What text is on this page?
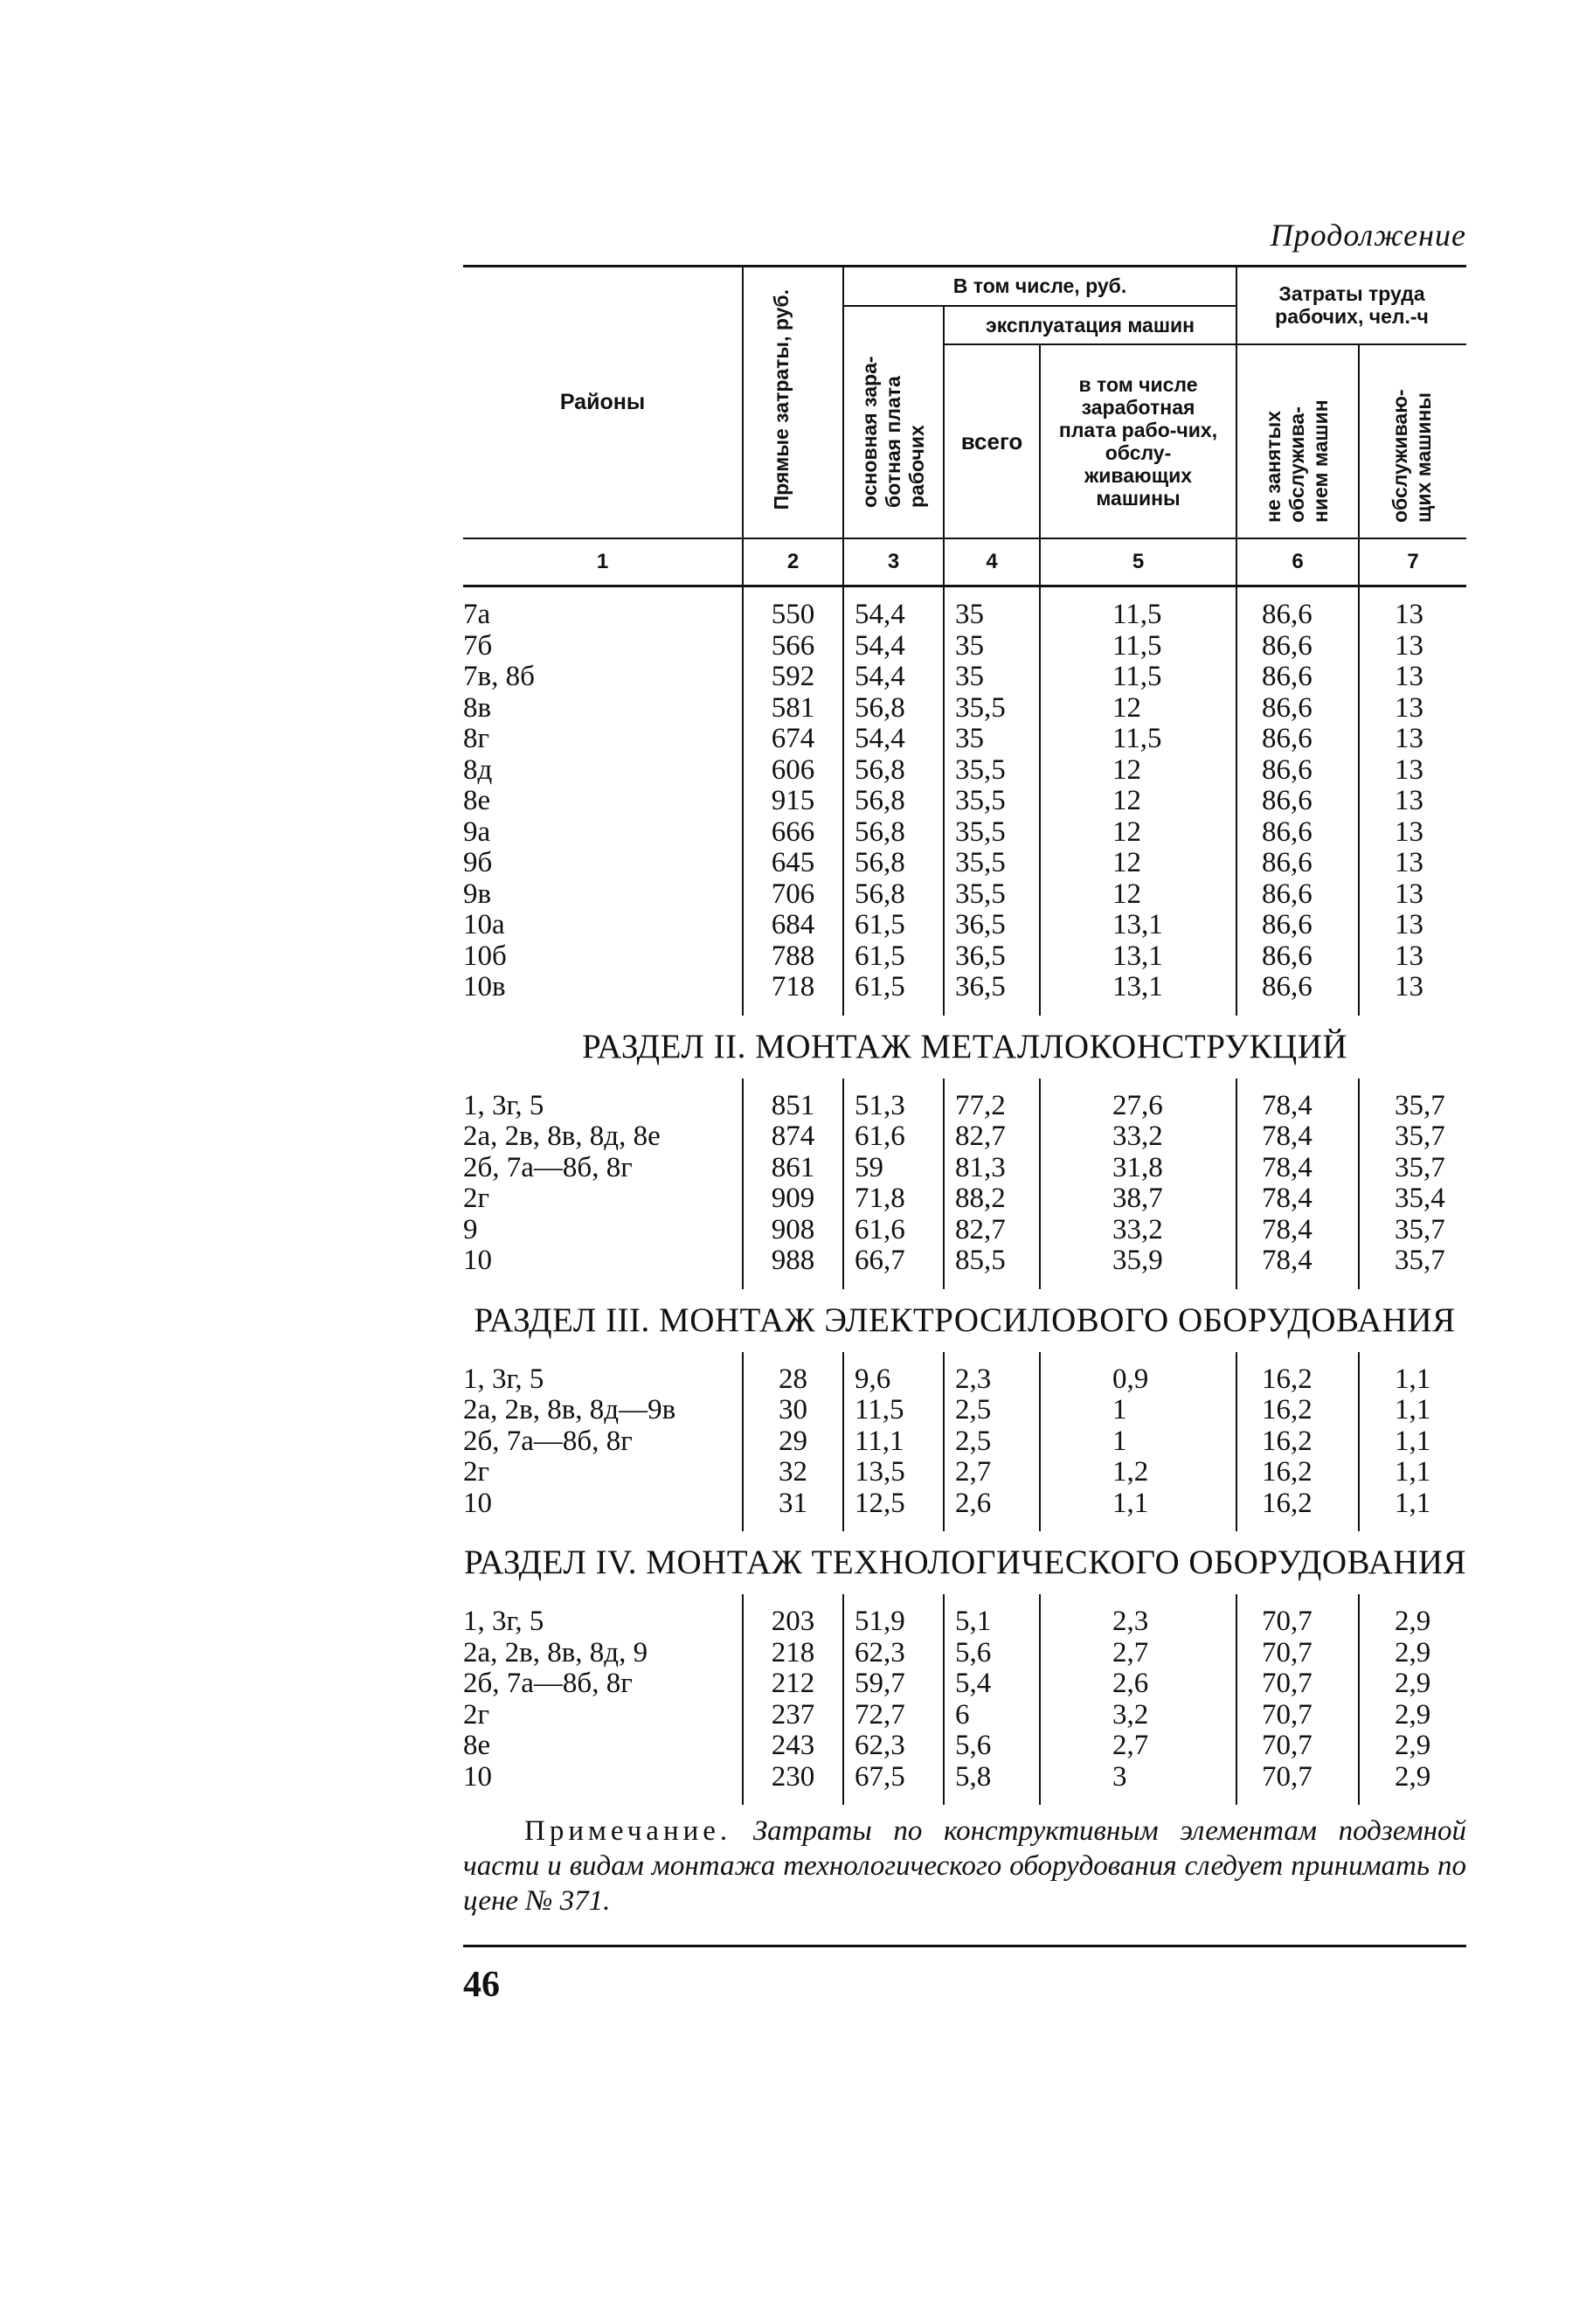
Продолжение
Районы	Прямые затраты, руб.	В том числе, руб.			Затраты труда рабочих, чел.-ч	
		основная зара-ботная плата рабочих	эксплуатация машин			
			всего	в том числе заработная плата рабо-чих, обслу-живающих машины	не занятых обслужива-нием машин	обслуживаю-щих машины
1	2	3	4	5	6	7

7а	550	54,4	35	11,5	86,6	13
7б	566	54,4	35	11,5	86,6	13
7в, 8б	592	54,4	35	11,5	86,6	13
8в	581	56,8	35,5	12	86,6	13
8г	674	54,4	35	11,5	86,6	13
8д	606	56,8	35,5	12	86,6	13
8е	915	56,8	35,5	12	86,6	13
9а	666	56,8	35,5	12	86,6	13
9б	645	56,8	35,5	12	86,6	13
9в	706	56,8	35,5	12	86,6	13
10а	684	61,5	36,5	13,1	86,6	13
10б	788	61,5	36,5	13,1	86,6	13
10в	718	61,5	36,5	13,1	86,6	13

РАЗДЕЛ II. МОНТАЖ МЕТАЛЛОКОНСТРУКЦИЙ						

1, 3г, 5	851	51,3	77,2	27,6	78,4	35,7
2а, 2в, 8в, 8д, 8е	874	61,6	82,7	33,2	78,4	35,7
2б, 7а—8б, 8г	861	59	81,3	31,8	78,4	35,7
2г	909	71,8	88,2	38,7	78,4	35,4
9	908	61,6	82,7	33,2	78,4	35,7
10	988	66,7	85,5	35,9	78,4	35,7

РАЗДЕЛ III. МОНТАЖ ЭЛЕКТРОСИЛОВОГО ОБОРУДОВАНИЯ						

1, 3г, 5	28	9,6	2,3	0,9	16,2	1,1
2а, 2в, 8в, 8д—9в	30	11,5	2,5	1	16,2	1,1
2б, 7а—8б, 8г	29	11,1	2,5	1	16,2	1,1
2г	32	13,5	2,7	1,2	16,2	1,1
10	31	12,5	2,6	1,1	16,2	1,1

РАЗДЕЛ IV. МОНТАЖ ТЕХНОЛОГИЧЕСКОГО ОБОРУДОВАНИЯ						

1, 3г, 5	203	51,9	5,1	2,3	70,7	2,9
2а, 2в, 8в, 8д, 9	218	62,3	5,6	2,7	70,7	2,9
2б, 7а—8б, 8г	212	59,7	5,4	2,6	70,7	2,9
2г	237	72,7	6	3,2	70,7	2,9
8е	243	62,3	5,6	2,7	70,7	2,9
10	230	67,5	5,8	3	70,7	2,9

Примечание. Затраты по конструктивным элементам подземной части и видам монтажа технологического оборудования следует принимать по цене № 371.
46
